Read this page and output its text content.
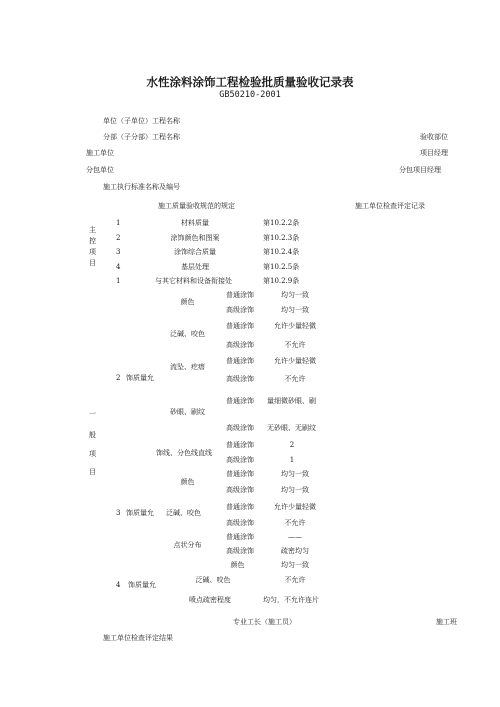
水性涂料涂饰工程检验批质量验收记录表
GB50210-2001
单位（子单位）工程名称
分部（子分部）工程名称	验收部位
施工单位	项目经理
分包单位	分包项目经理
施工执行标准名称及编号
施工质量验收规范的规定	施工单位检查评定记录
主
控
项
目
1	材料质量	第10.2.2条
2	涂饰颜色和图案	第10.2.3条
3	涂饰综合质量	第10.2.4条
4	基层处理	第10.2.5条
1	与其它材料和设备衔接处	第10.2.9条
一
般
项
目
2 饰质量允
颜色
普通涂饰	均匀一致
高级涂饰	均匀一致
泛碱、咬色
普通涂饰	允许少量轻微
高级涂饰	不允许
流坠、疙瘩
普通涂饰	允许少量轻微
高级涂饰	不允许
砂眼、刷纹
普通涂饰 量细微砂眼、刷
高级涂饰 无砂眼、无刷纹
饰线、分色线直线
普通涂饰	2
高级涂饰	1
3 饰质量允
颜色
普通涂饰	均匀一致
高级涂饰	均匀一致
泛碱、咬色
普通涂饰	允许少量轻微
高级涂饰	不允许
点状分布
普通涂饰	——
高级涂饰	疏密均匀
4 饰质量允
颜色	均匀一致
泛碱、咬色	不允许
喷点疏密程度	均匀，不允许连片
专业工长（施工员）	施工班
施工单位检查评定结果
